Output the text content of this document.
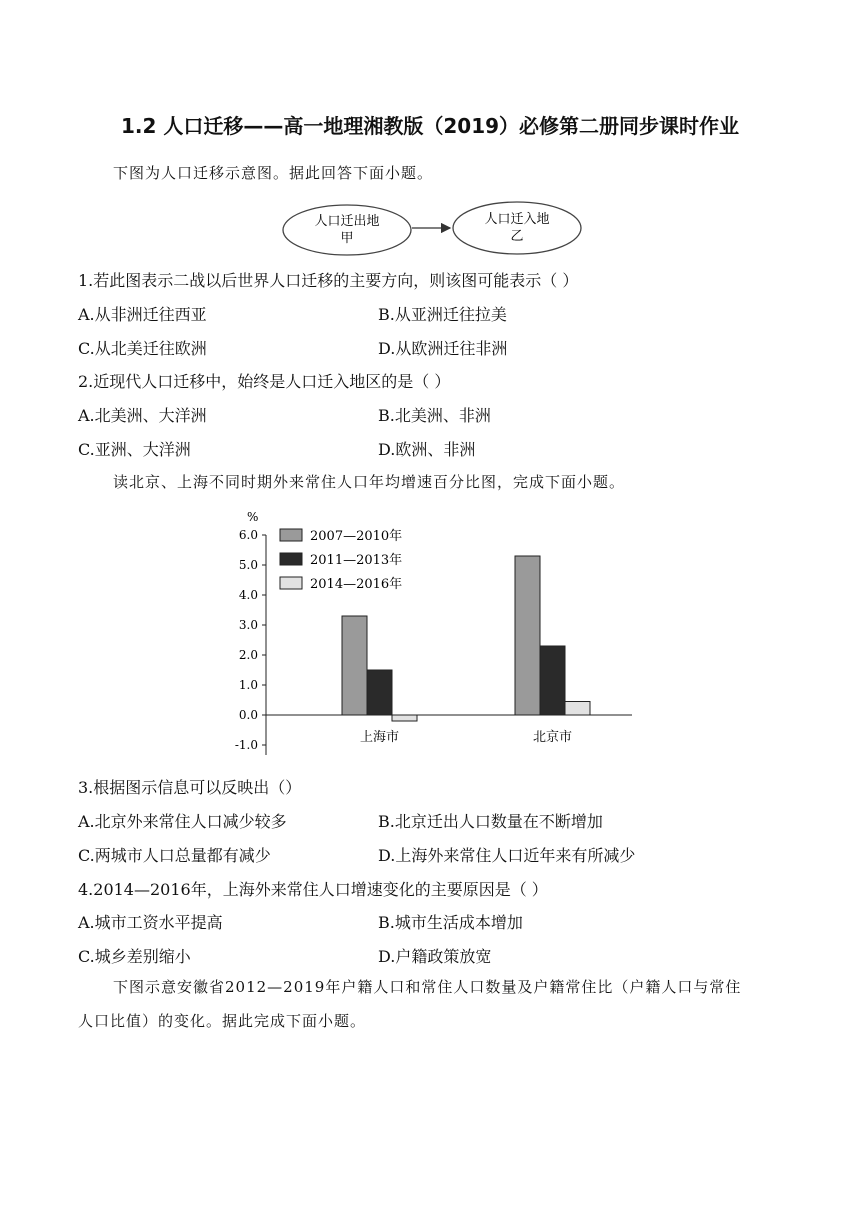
1.2 人口迁移——高一地理湘教版（2019）必修第二册同步课时作业
下图为人口迁移示意图。据此回答下面小题。
人口迁出地
甲
人口迁入地
乙
1.若此图表示二战以后世界人口迁移的主要方向，则该图可能表示（ ）
A.从非洲迁往西亚	B.从亚洲迁往拉美
C.从北美迁往欧洲	D.从欧洲迁往非洲
2.近现代人口迁移中，始终是人口迁入地区的是（ ）
A.北美洲、大洋洲	B.北美洲、非洲
C.亚洲、大洋洲	D.欧洲、非洲
读北京、上海不同时期外来常住人口年均增速百分比图，完成下面小题。
%
6.0
5.0
4.0
3.0
2.0
1.0
0.0
-1.0
2007—2010年
2011—2013年
2014—2016年
上海市	北京市
3.根据图示信息可以反映出（）
A.北京外来常住人口减少较多	B.北京迁出人口数量在不断增加
C.两城市人口总量都有减少	D.上海外来常住人口近年来有所减少
4.2014—2016年，上海外来常住人口增速变化的主要原因是（ ）
A.城市工资水平提高	B.城市生活成本增加
C.城乡差别缩小	D.户籍政策放宽
下图示意安徽省2012—2019年户籍人口和常住人口数量及户籍常住比（户籍人口与常住
人口比值）的变化。据此完成下面小题。
